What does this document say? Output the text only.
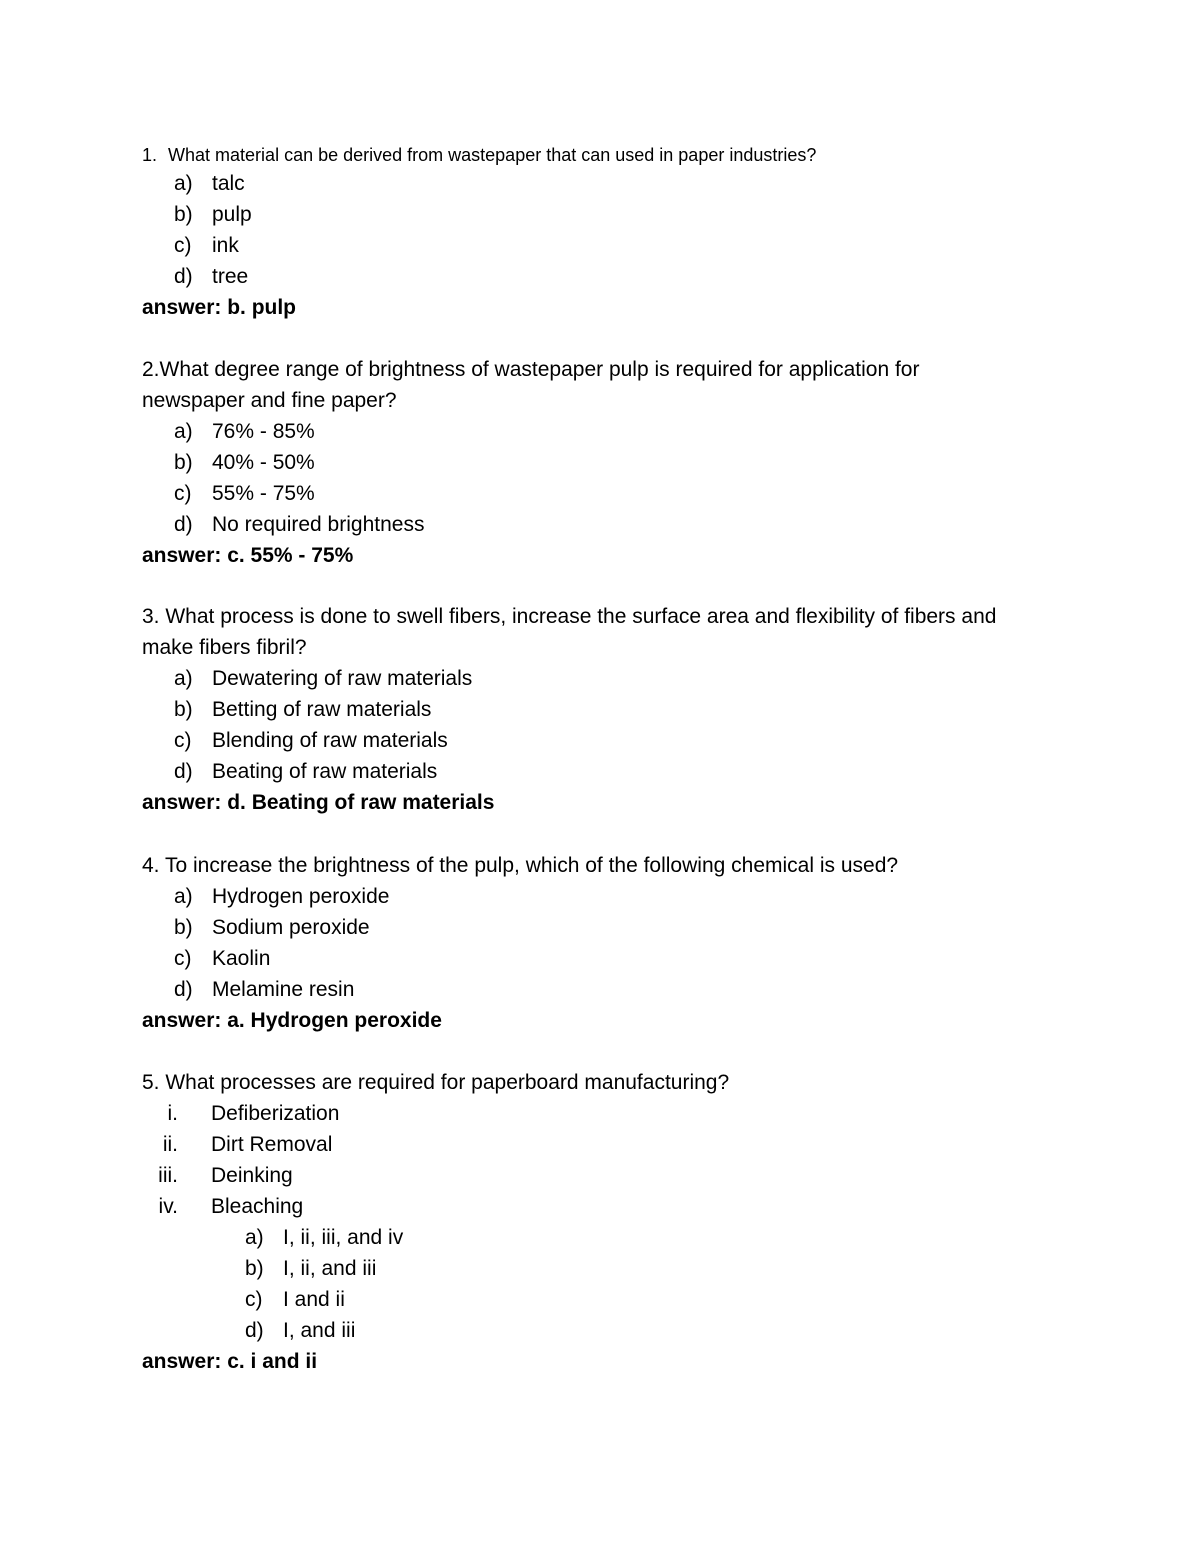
1. What material can be derived from wastepaper that can used in paper industries?
a) talc
b) pulp
c) ink
d) tree
answer: b. pulp
2.What degree range of brightness of wastepaper pulp is required for application for
newspaper and fine paper?
a) 76% - 85%
b) 40% - 50%
c) 55% - 75%
d) No required brightness
answer: c. 55% - 75%
3. What process is done to swell fibers, increase the surface area and flexibility of fibers and
make fibers fibril?
a) Dewatering of raw materials
b) Betting of raw materials
c) Blending of raw materials
d) Beating of raw materials
answer: d. Beating of raw materials
4. To increase the brightness of the pulp, which of the following chemical is used?
a) Hydrogen peroxide
b) Sodium peroxide
c) Kaolin
d) Melamine resin
answer: a. Hydrogen peroxide
5. What processes are required for paperboard manufacturing?
i. Defiberization
ii. Dirt Removal
iii. Deinking
iv. Bleaching
a) I, ii, iii, and iv
b) I, ii, and iii
c) I and ii
d) I, and iii
answer: c. i and ii
